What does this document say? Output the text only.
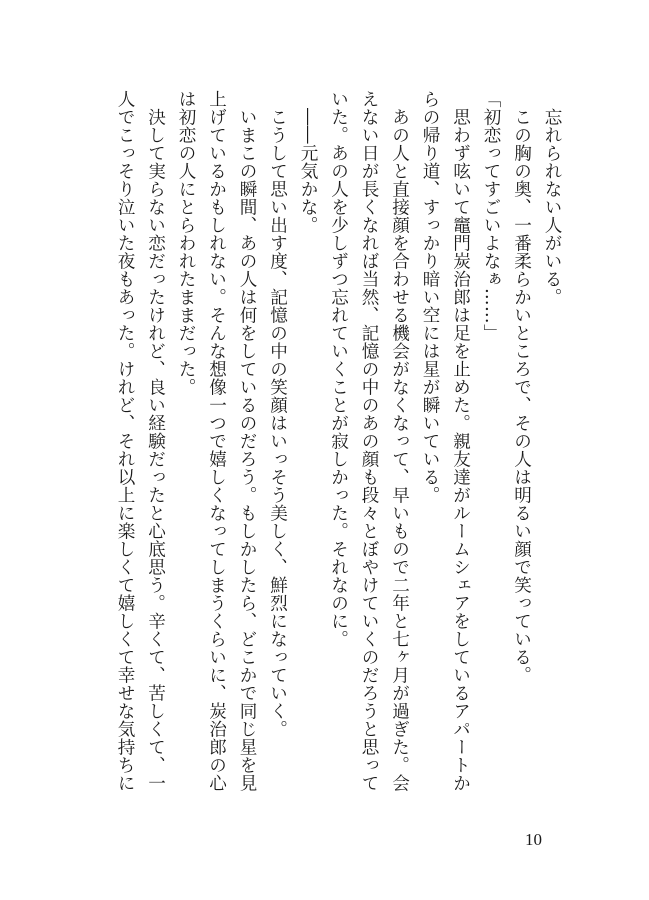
　忘れられない人がいる。
　この胸の奥、一番柔らかいところで、その人は明るい顔で笑っている。
「初恋ってすごいよなぁ……」
　思わず呟いて竈門炭治郎は足を止めた。親友達がルームシェアをしているアパートか
らの帰り道、すっかり暗い空には星が瞬いている。
　あの人と直接顔を合わせる機会がなくなって、早いもので二年と七ヶ月が過ぎた。会
えない日が長くなれば当然、記憶の中のあの顔も段々とぼやけていくのだろうと思って
いた。あの人を少しずつ忘れていくことが寂しかった。それなのに。
　――元気かな。
　こうして思い出す度、記憶の中の笑顔はいっそう美しく、鮮烈になっていく。
　いまこの瞬間、あの人は何をしているのだろう。もしかしたら、どこかで同じ星を見
上げているかもしれない。そんな想像一つで嬉しくなってしまうくらいに、炭治郎の心
は初恋の人にとらわれたままだった。
　決して実らない恋だったけれど、良い経験だったと心底思う。辛くて、苦しくて、一
人でこっそり泣いた夜もあった。けれど、それ以上に楽しくて嬉しくて幸せな気持ちに
10
